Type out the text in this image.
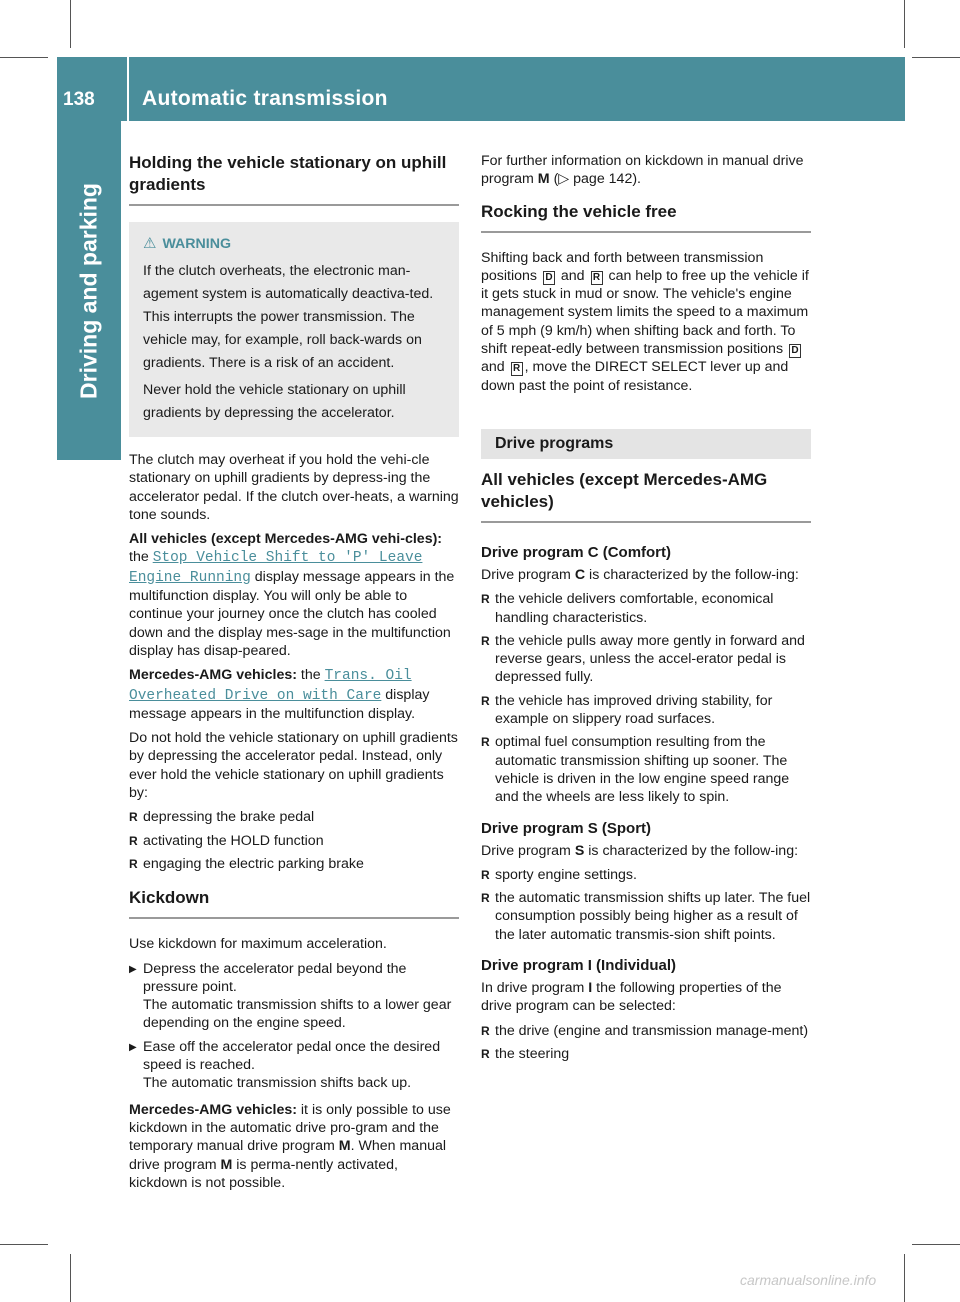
138 Automatic transmission
Driving and parking
Holding the vehicle stationary on uphill gradients
⚠ WARNING

If the clutch overheats, the electronic man-agement system is automatically deactiva-ted. This interrupts the power transmission. The vehicle may, for example, roll back-wards on gradients. There is a risk of an accident.

Never hold the vehicle stationary on uphill gradients by depressing the accelerator.

The clutch may overheat if you hold the vehi-cle stationary on uphill gradients by depress-ing the accelerator pedal. If the clutch over-heats, a warning tone sounds.

All vehicles (except Mercedes-AMG vehi-cles): the Stop Vehicle Shift to 'P' Leave Engine Running display message appears in the multifunction display. You will only be able to continue your journey once the clutch has cooled down and the display mes-sage in the multifunction display has disap-peared.

Mercedes-AMG vehicles: the Trans. Oil Overheated Drive on with Care display message appears in the multifunction display.

Do not hold the vehicle stationary on uphill gradients by depressing the accelerator pedal. Instead, only ever hold the vehicle stationary on uphill gradients by:

R depressing the brake pedal
R activating the HOLD function
R engaging the electric parking brake
Kickdown

Use kickdown for maximum acceleration.

▶ Depress the accelerator pedal beyond the pressure point.
The automatic transmission shifts to a lower gear depending on the engine speed.
▶ Ease off the accelerator pedal once the desired speed is reached.
The automatic transmission shifts back up.

Mercedes-AMG vehicles: it is only possible to use kickdown in the automatic drive pro-gram and the temporary manual drive program M. When manual drive program M is perma-nently activated, kickdown is not possible.

For further information on kickdown in manual drive program M (▷ page 142).

Rocking the vehicle free

Shifting back and forth between transmission positions D and R can help to free up the vehicle if it gets stuck in mud or snow. The vehicle's engine management system limits the speed to a maximum of 5 mph (9 km/h) when shifting back and forth. To shift repeat-edly between transmission positions D and R , move the DIRECT SELECT lever up and down past the point of resistance.

Drive programs
All vehicles (except Mercedes-AMG vehicles)
Drive program C (Comfort)

Drive program C is characterized by the follow-ing:

R the vehicle delivers comfortable, economical handling characteristics.
R the vehicle pulls away more gently in forward and reverse gears, unless the accel-erator pedal is depressed fully.
R the vehicle has improved driving stability, for example on slippery road surfaces.
R optimal fuel consumption resulting from the automatic transmission shifting up sooner. The vehicle is driven in the low engine speed range and the wheels are less likely to spin.
Drive program S (Sport)

Drive program S is characterized by the follow-ing:

R sporty engine settings.
R the automatic transmission shifts up later. The fuel consumption possibly being higher as a result of the later automatic transmis-sion shift points.
Drive program I (Individual)

In drive program I the following properties of the drive program can be selected:

R the drive (engine and transmission manage-ment)
R the steering
carmanualsonline.info
